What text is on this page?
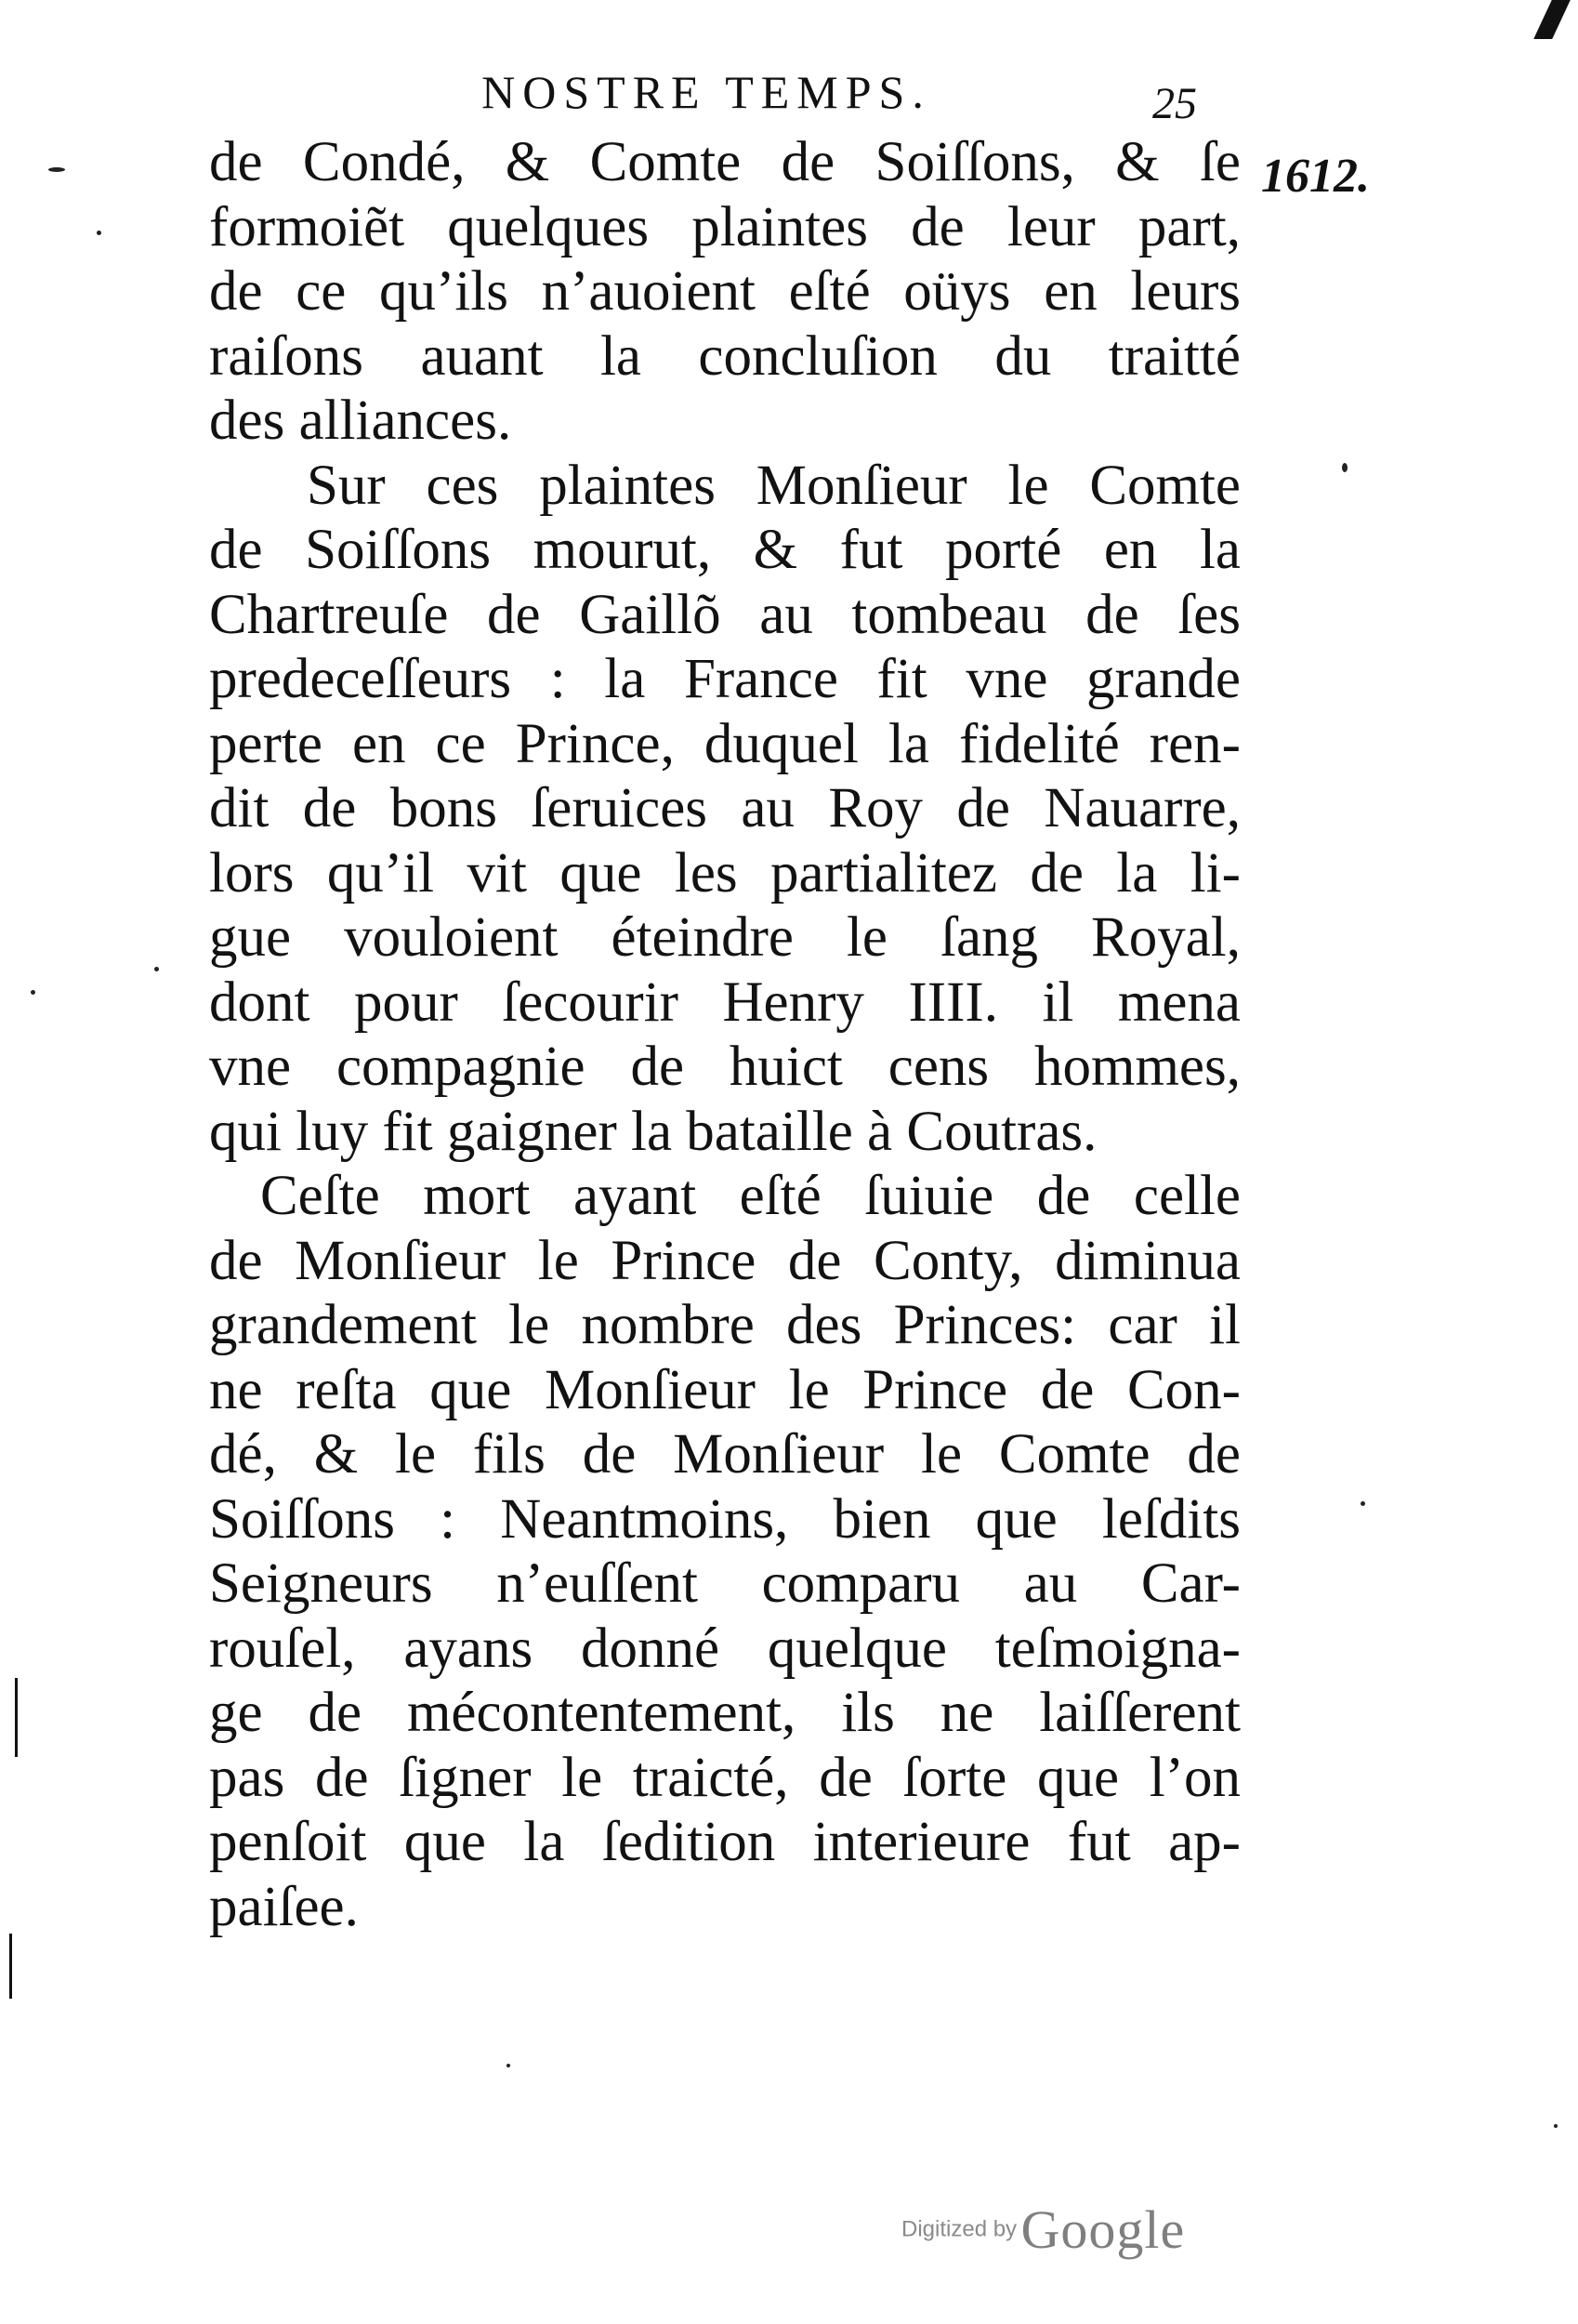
NOSTRE TEMPS.	25
1612.
de Condé, & Comte de Soiſſons, & ſe
formoiẽt quelques plaintes de leur part,
de ce qu’ils n’auoient eſté oüys en leurs
raiſons auant la concluſion du traitté
des alliances.
Sur ces plaintes Monſieur le Comte
de Soiſſons mourut, & fut porté en la
Chartreuſe de Gaillõ au tombeau de ſes
predeceſſeurs : la France fit vne grande
perte en ce Prince, duquel la fidelité ren-
dit de bons ſeruices au Roy de Nauarre,
lors qu’il vit que les partialitez de la li-
gue vouloient éteindre le ſang Royal,
dont pour ſecourir Henry IIII. il mena
vne compagnie de huict cens hommes,
qui luy fit gaigner la bataille à Coutras.
Ceſte mort ayant eſté ſuiuie de celle
de Monſieur le Prince de Conty, diminua
grandement le nombre des Princes: car il
ne reſta que Monſieur le Prince de Con-
dé, & le fils de Monſieur le Comte de
Soiſſons : Neantmoins, bien que leſdits
Seigneurs n’euſſent comparu au Car-
rouſel, ayans donné quelque teſmoigna-
ge de mécontentement, ils ne laiſſerent
pas de ſigner le traicté, de ſorte que l’on
penſoit que la ſedition interieure fut ap-
paiſee.
Digitized by Google
